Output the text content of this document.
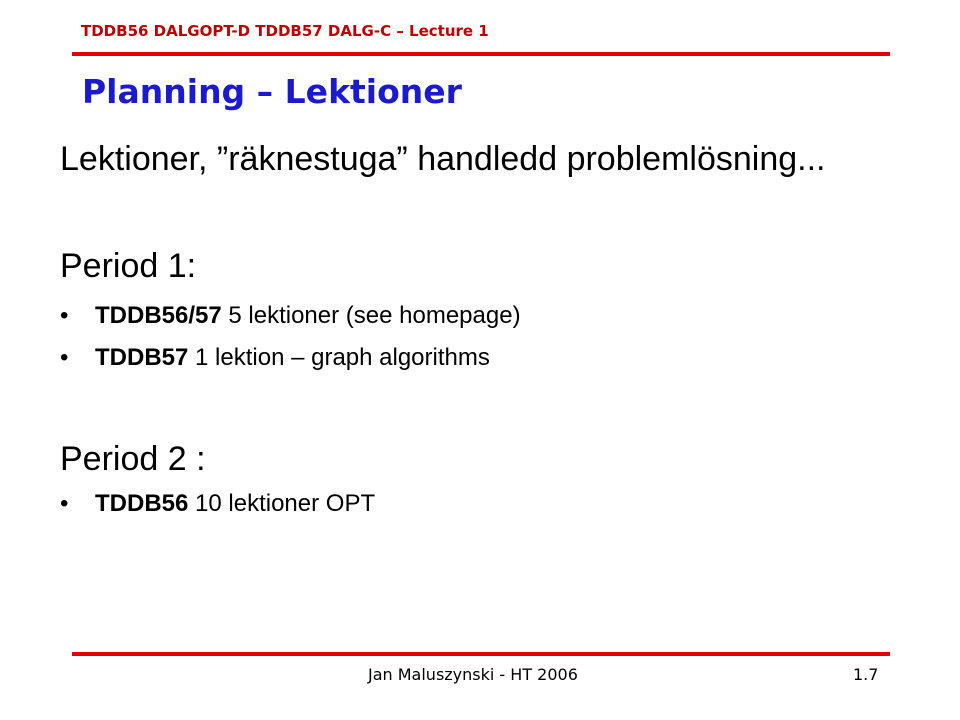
TDDB56 DALGOPT-D TDDB57 DALG-C – Lecture 1
Planning – Lektioner
Lektioner, ”räknestuga” handledd problemlösning...
Period 1:
• TDDB56/57 5 lektioner (see homepage)
• TDDB57 1 lektion – graph algorithms
Period 2 :
• TDDB56 10 lektioner OPT
Jan Maluszynski - HT 2006	1.7
